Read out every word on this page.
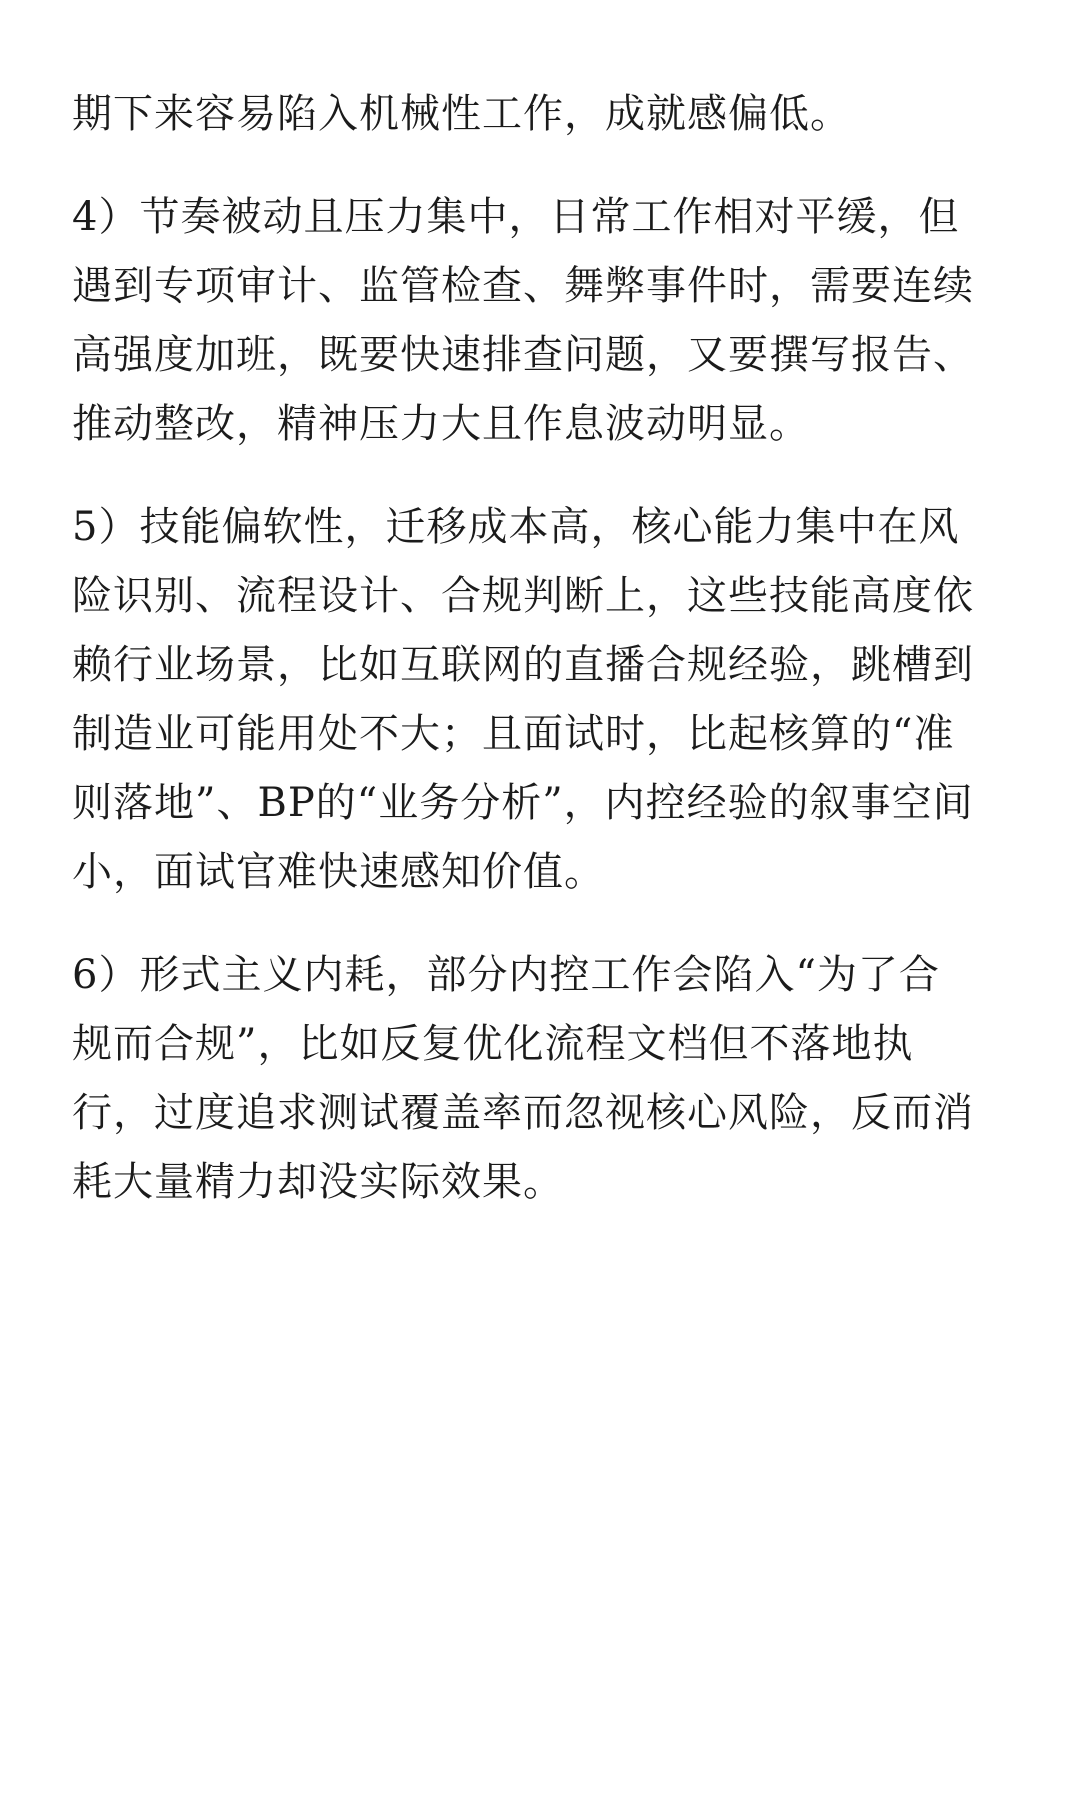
期下来容易陷入机械性工作，成就感偏低。

4）节奏被动且压力集中，日常工作相对平缓，但
遇到专项审计、监管检查、舞弊事件时，需要连续
高强度加班，既要快速排查问题，又要撰写报告、
推动整改，精神压力大且作息波动明显。

5）技能偏软性，迁移成本高，核心能力集中在风
险识别、流程设计、合规判断上，这些技能高度依
赖行业场景，比如互联网的直播合规经验，跳槽到
制造业可能用处不大；且面试时，比起核算的“准
则落地”、BP的“业务分析”，内控经验的叙事空间
小，面试官难快速感知价值。

6）形式主义内耗，部分内控工作会陷入“为了合
规而合规”，比如反复优化流程文档但不落地执
行，过度追求测试覆盖率而忽视核心风险，反而消
耗大量精力却没实际效果。
